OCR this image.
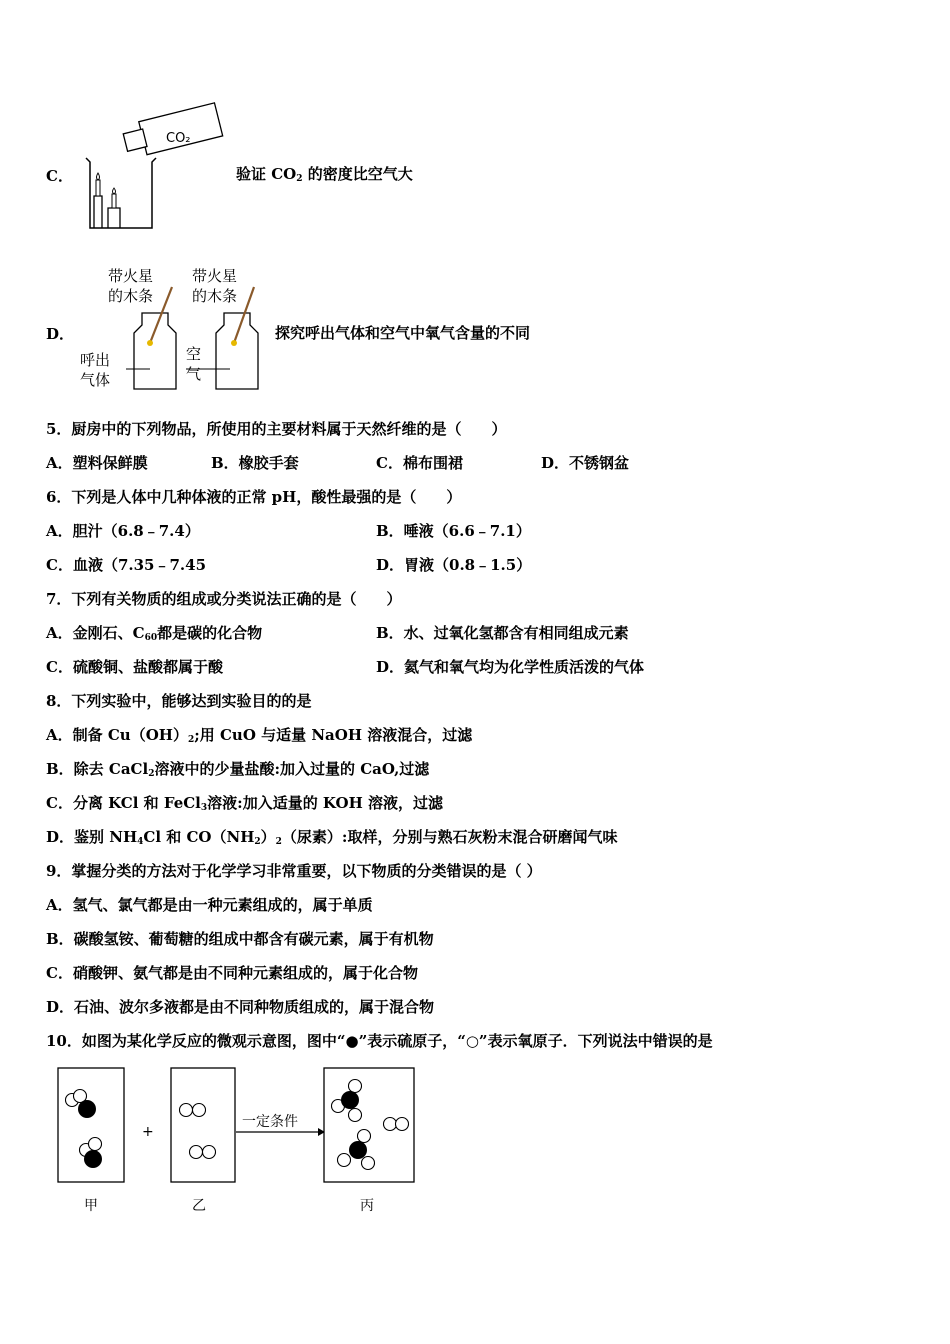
C．
CO₂
验证 $CO_2$ 的密度比空气大
D．
带火星
的木条
带火星
的木条
呼出
气体
空
气
探究呼出气体和空气中氧气含量的不同
5．厨房中的下列物品，所使用的主要材料属于天然纤维的是（　　）
A．塑料保鲜膜	B．橡胶手套	C．棉布围裙	D．不锈钢盆
6．下列是人体中几种体液的正常 pH，酸性最强的是（　　）
A．胆汁（6.8﹣7.4）	B．唾液（6.6﹣7.1）
C．血液（7.35﹣7.45	D．胃液（0.8﹣1.5）
7．下列有关物质的组成或分类说法正确的是（　　）
A．金刚石、$C_{60}$都是碳的化合物	B．水、过氧化氢都含有相同组成元素
C．硫酸铜、盐酸都属于酸	D．氦气和氧气均为化学性质活泼的气体
8．下列实验中，能够达到实验目的的是
A．制备 $Cu(OH)_2$;用 CuO 与适量 NaOH 溶液混合，过滤
B．除去 CaCl$_2$溶液中的少量盐酸:加入过量的 CaO,过滤
C．分离 KCl 和 FeCl$_3$溶液:加入适量的 KOH 溶液，过滤
D．鉴别 $NH_4Cl$ 和 $CO(NH_2)_2$（尿素）:取样，分别与熟石灰粉末混合研磨闻气味
9．掌握分类的方法对于化学学习非常重要，以下物质的分类错误的是（ ）
A．氢气、氯气都是由一种元素组成的，属于单质
B．碳酸氢铵、葡萄糖的组成中都含有碳元素，属于有机物
C．硝酸钾、氨气都是由不同种元素组成的，属于化合物
D．石油、波尔多液都是由不同种物质组成的，属于混合物
10．如图为某化学反应的微观示意图，图中“●”表示硫原子，“○”表示氧原子．下列说法中错误的是
+
一定条件
甲	乙	丙
